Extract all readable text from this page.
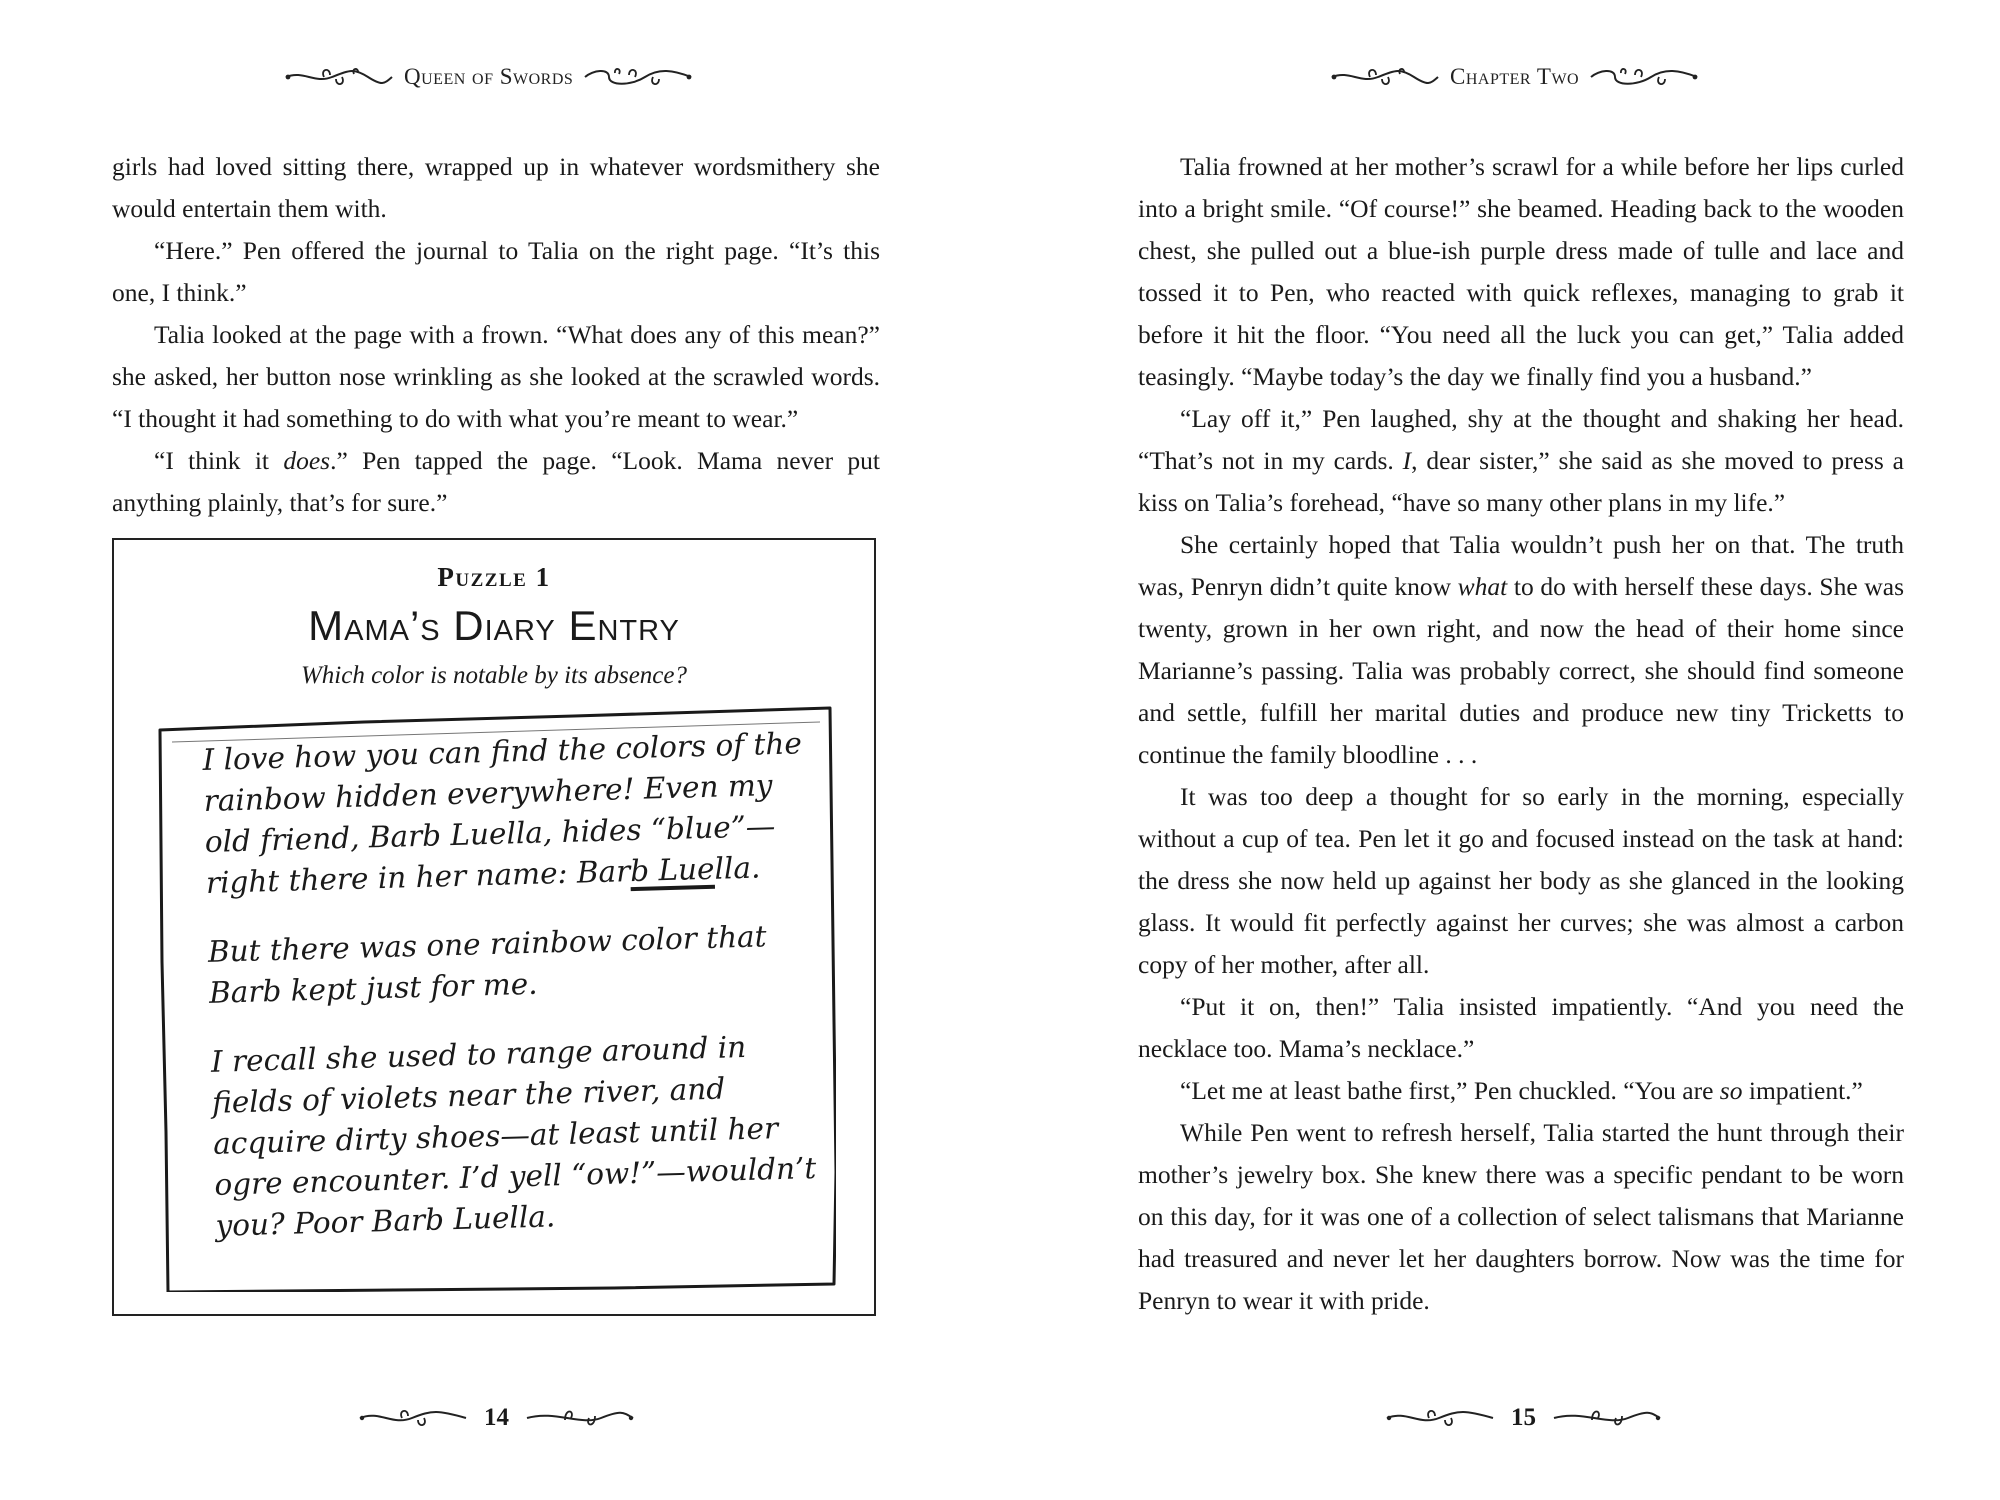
Queen of Swords

girls had loved sitting there, wrapped up in whatever wordsmithery she would entertain them with.

“Here.” Pen offered the journal to Talia on the right page. “It’s this one, I think.”

Talia looked at the page with a frown. “What does any of this mean?” she asked, her button nose wrinkling as she looked at the scrawled words. “I thought it had something to do with what you’re meant to wear.”

“I think it does.” Pen tapped the page. “Look. Mama never put anything plainly, that’s for sure.”

Puzzle 1
Mama’s Diary Entry
Which color is notable by its absence?

I love how you can find the colors of the rainbow hidden everywhere! Even my old friend, Barb Luella, hides “blue”—right there in her name: Barb Luella.

But there was one rainbow color that Barb kept just for me.

I recall she used to range around in fields of violets near the river, and acquire dirty shoes—at least until her ogre encounter. I’d yell “ow!”—wouldn’t you? Poor Barb Luella.

14
Chapter Two

Talia frowned at her mother’s scrawl for a while before her lips curled into a bright smile. “Of course!” she beamed. Heading back to the wooden chest, she pulled out a blue-ish purple dress made of tulle and lace and tossed it to Pen, who reacted with quick reflexes, managing to grab it before it hit the floor. “You need all the luck you can get,” Talia added teasingly. “Maybe today’s the day we finally find you a husband.”

“Lay off it,” Pen laughed, shy at the thought and shaking her head. “That’s not in my cards. I, dear sister,” she said as she moved to press a kiss on Talia’s forehead, “have so many other plans in my life.”

She certainly hoped that Talia wouldn’t push her on that. The truth was, Penryn didn’t quite know what to do with herself these days. She was twenty, grown in her own right, and now the head of their home since Marianne’s passing. Talia was probably correct, she should find someone and settle, fulfill her marital duties and produce new tiny Tricketts to continue the family bloodline . . .

It was too deep a thought for so early in the morning, especially without a cup of tea. Pen let it go and focused instead on the task at hand: the dress she now held up against her body as she glanced in the looking glass. It would fit perfectly against her curves; she was almost a carbon copy of her mother, after all.

“Put it on, then!” Talia insisted impatiently. “And you need the necklace too. Mama’s necklace.”

“Let me at least bathe first,” Pen chuckled. “You are so impatient.”

While Pen went to refresh herself, Talia started the hunt through their mother’s jewelry box. She knew there was a specific pendant to be worn on this day, for it was one of a collection of select talismans that Marianne had treasured and never let her daughters borrow. Now was the time for Penryn to wear it with pride.

15
